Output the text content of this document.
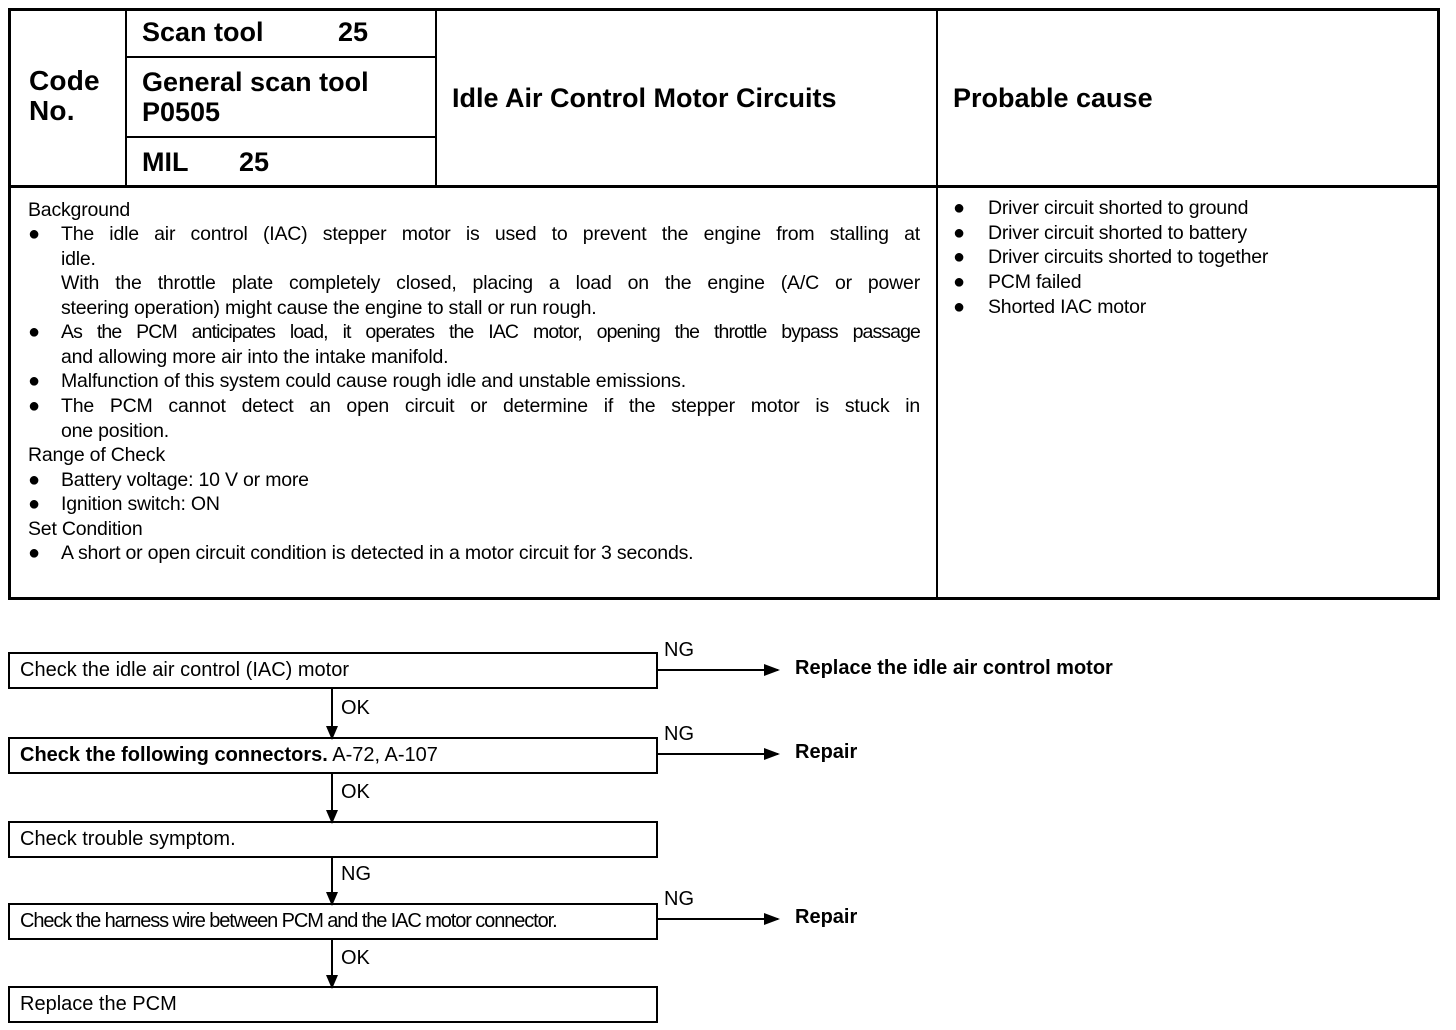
Code
No.
Scan tool	25
General scan tool
P0505
MIL 25
Idle Air Control Motor Circuits	Probable cause
Background
● The idle air control (IAC) stepper motor is used to prevent the engine from stalling at
idle.
With the throttle plate completely closed, placing a load on the engine (A/C or power
steering operation) might cause the engine to stall or run rough.
● As the PCM anticipates load, it operates the IAC motor, opening the throttle bypass passage
and allowing more air into the intake manifold.
● Malfunction of this system could cause rough idle and unstable emissions.
● The PCM cannot detect an open circuit or determine if the stepper motor is stuck in
one position.
Range of Check
● Battery voltage: 10 V or more
● Ignition switch: ON
Set Condition
● A short or open circuit condition is detected in a motor circuit for 3 seconds.
● Driver circuit shorted to ground
● Driver circuit shorted to battery
● Driver circuits shorted to together
● PCM failed
● Shorted IAC motor
Check the idle air control (IAC) motor
NG
Replace the idle air control motor
OK
Check the following connectors. A-72, A-107
NG
Repair
OK
Check trouble symptom.
NG
Check the harness wire between PCM and the IAC motor connector.
NG
Repair
OK
Replace the PCM
